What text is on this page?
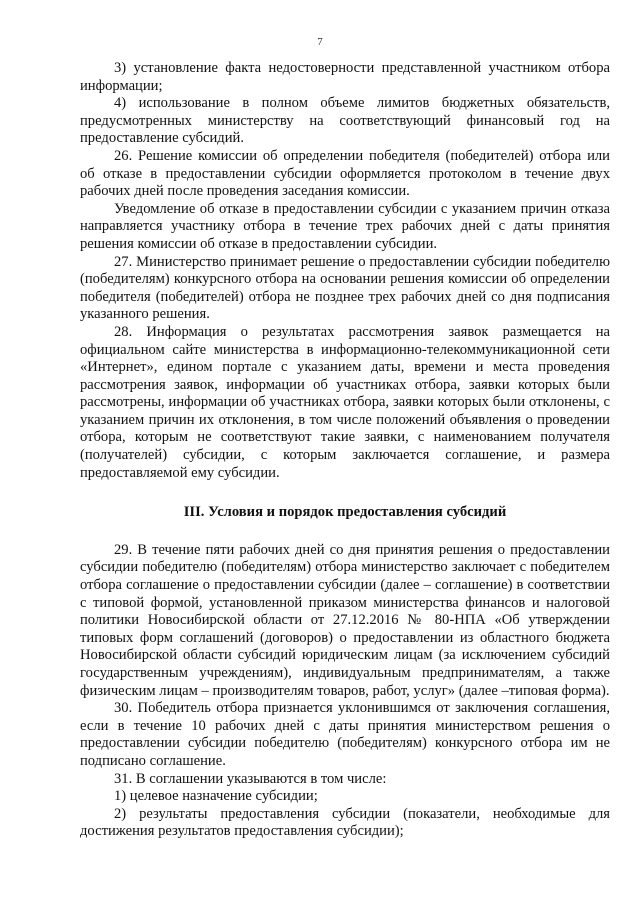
7

3) установление факта недостоверности представленной участником отбора информации;

4) использование в полном объеме лимитов бюджетных обязательств, предусмотренных министерству на соответствующий финансовый год на предоставление субсидий.

26. Решение комиссии об определении победителя (победителей) отбора или об отказе в предоставлении субсидии оформляется протоколом в течение двух рабочих дней после проведения заседания комиссии.

Уведомление об отказе в предоставлении субсидии с указанием причин отказа направляется участнику отбора в течение трех рабочих дней с даты принятия решения комиссии об отказе в предоставлении субсидии.

27. Министерство принимает решение о предоставлении субсидии победителю (победителям) конкурсного отбора на основании решения комиссии об определении победителя (победителей) отбора не позднее трех рабочих дней со дня подписания указанного решения.

28. Информация о результатах рассмотрения заявок размещается на официальном сайте министерства в информационно-телекоммуникационной сети «Интернет», едином портале с указанием даты, времени и места проведения рассмотрения заявок, информации об участниках отбора, заявки которых были рассмотрены, информации об участниках отбора, заявки которых были отклонены, с указанием причин их отклонения, в том числе положений объявления о проведении отбора, которым не соответствуют такие заявки, с наименованием получателя (получателей) субсидии, с которым заключается соглашение, и размера предоставляемой ему субсидии.

III. Условия и порядок предоставления субсидий

29. В течение пяти рабочих дней со дня принятия решения о предоставлении субсидии победителю (победителям) отбора министерство заключает с победителем отбора соглашение о предоставлении субсидии (далее – соглашение) в соответствии с типовой формой, установленной приказом министерства финансов и налоговой политики Новосибирской области от 27.12.2016 № 80-НПА «Об утверждении типовых форм соглашений (договоров) о предоставлении из областного бюджета Новосибирской области субсидий юридическим лицам (за исключением субсидий государственным учреждениям), индивидуальным предпринимателям, а также физическим лицам – производителям товаров, работ, услуг» (далее –типовая форма).

30. Победитель отбора признается уклонившимся от заключения соглашения, если в течение 10 рабочих дней с даты принятия министерством решения о предоставлении субсидии победителю (победителям) конкурсного отбора им не подписано соглашение.

31. В соглашении указываются в том числе:

1) целевое назначение субсидии;

2) результаты предоставления субсидии (показатели, необходимые для достижения результатов предоставления субсидии);
